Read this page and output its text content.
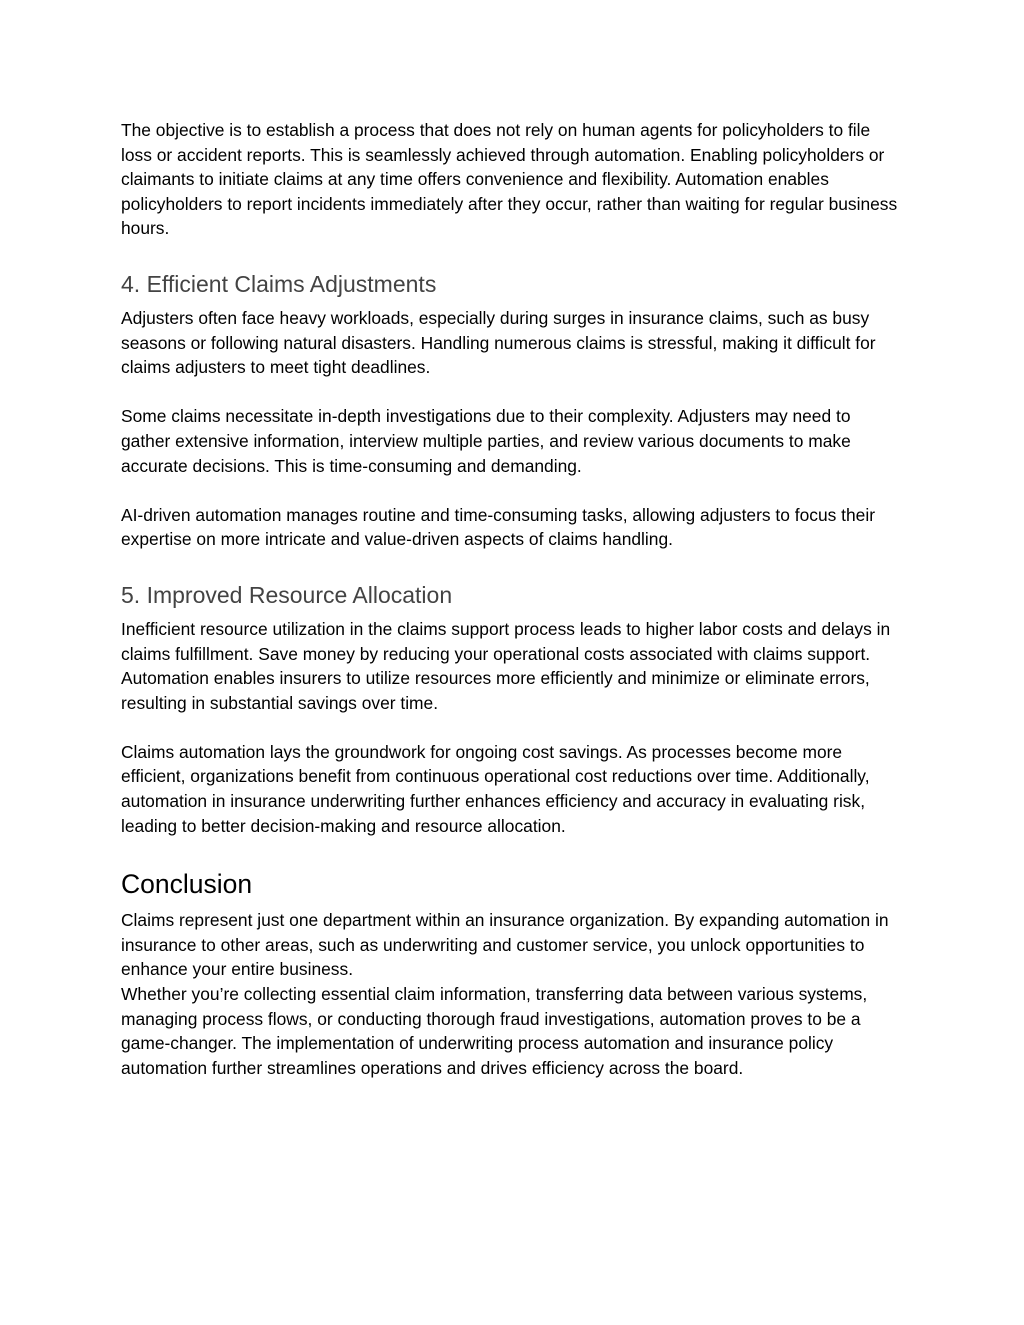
The objective is to establish a process that does not rely on human agents for policyholders to file loss or accident reports. This is seamlessly achieved through automation. Enabling policyholders or claimants to initiate claims at any time offers convenience and flexibility. Automation enables policyholders to report incidents immediately after they occur, rather than waiting for regular business hours.

4. Efficient Claims Adjustments

Adjusters often face heavy workloads, especially during surges in insurance claims, such as busy seasons or following natural disasters. Handling numerous claims is stressful, making it difficult for claims adjusters to meet tight deadlines.

Some claims necessitate in-depth investigations due to their complexity. Adjusters may need to gather extensive information, interview multiple parties, and review various documents to make accurate decisions. This is time-consuming and demanding.

AI-driven automation manages routine and time-consuming tasks, allowing adjusters to focus their expertise on more intricate and value-driven aspects of claims handling.

5. Improved Resource Allocation

Inefficient resource utilization in the claims support process leads to higher labor costs and delays in claims fulfillment. Save money by reducing your operational costs associated with claims support. Automation enables insurers to utilize resources more efficiently and minimize or eliminate errors, resulting in substantial savings over time.

Claims automation lays the groundwork for ongoing cost savings. As processes become more efficient, organizations benefit from continuous operational cost reductions over time. Additionally, automation in insurance underwriting further enhances efficiency and accuracy in evaluating risk, leading to better decision-making and resource allocation.

Conclusion

Claims represent just one department within an insurance organization. By expanding automation in insurance to other areas, such as underwriting and customer service, you unlock opportunities to enhance your entire business.

Whether you’re collecting essential claim information, transferring data between various systems, managing process flows, or conducting thorough fraud investigations, automation proves to be a game-changer. The implementation of underwriting process automation and insurance policy automation further streamlines operations and drives efficiency across the board.
